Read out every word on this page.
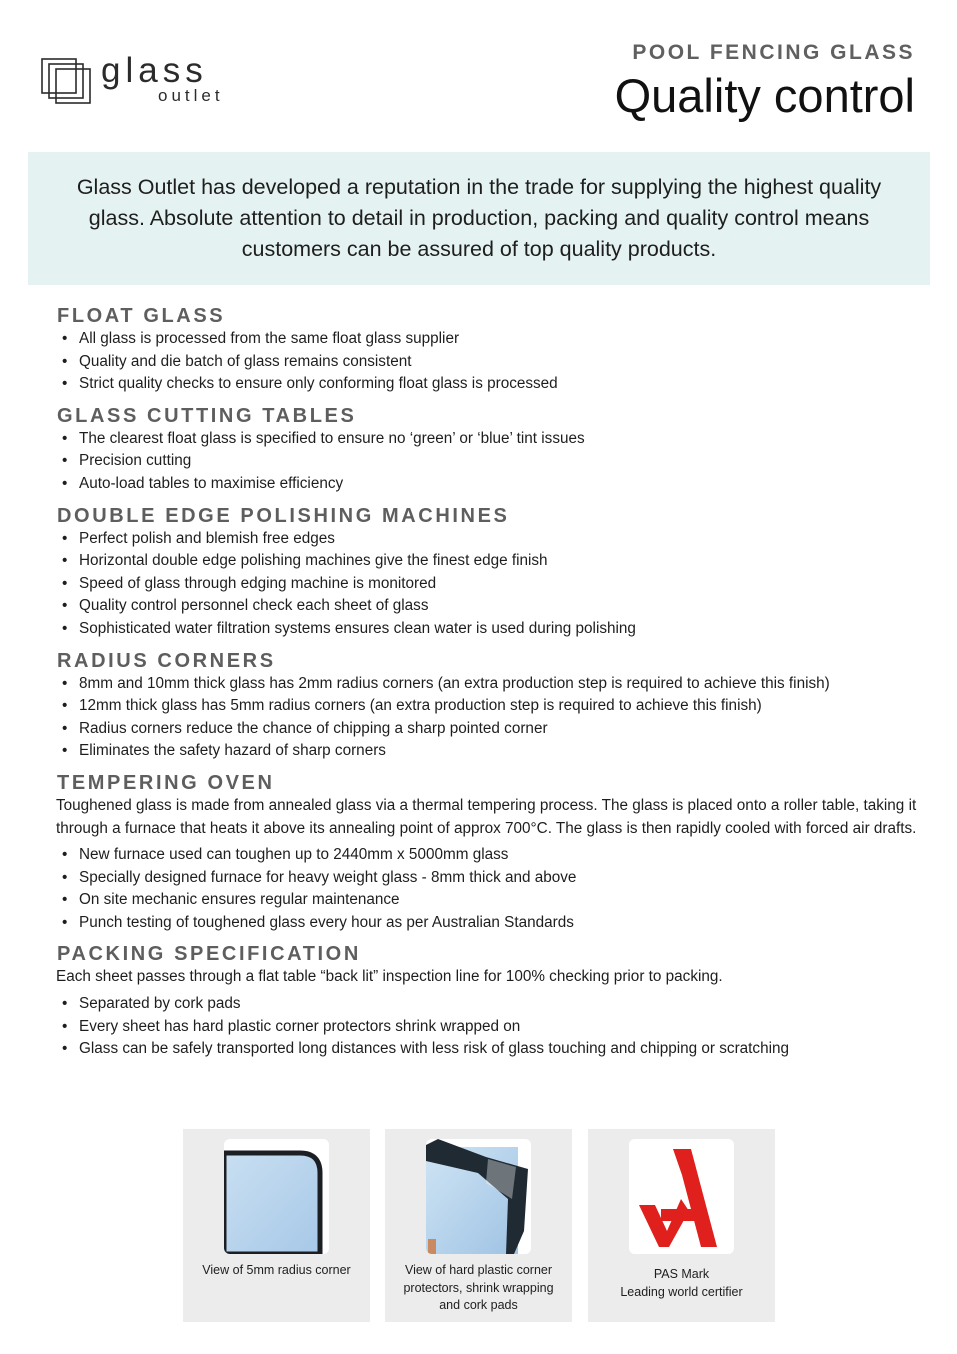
glass
outlet
POOL FENCING GLASS
Quality control

Glass Outlet has developed a reputation in the trade for supplying the highest quality glass. Absolute attention to detail in production, packing and quality control means customers can be assured of top quality products.

FLOAT GLASS
• All glass is processed from the same float glass supplier
• Quality and die batch of glass remains consistent
• Strict quality checks to ensure only conforming float glass is processed
GLASS CUTTING TABLES
• The clearest float glass is specified to ensure no ‘green’ or ‘blue’ tint issues
• Precision cutting
• Auto-load tables to maximise efficiency
DOUBLE EDGE POLISHING MACHINES
• Perfect polish and blemish free edges
• Horizontal double edge polishing machines give the finest edge finish
• Speed of glass through edging machine is monitored
• Quality control personnel check each sheet of glass
• Sophisticated water filtration systems ensures clean water is used during polishing
RADIUS CORNERS
• 8mm and 10mm thick glass has 2mm radius corners (an extra production step is required to achieve this finish)
• 12mm thick glass has 5mm radius corners (an extra production step is required to achieve this finish)
• Radius corners reduce the chance of chipping a sharp pointed corner
• Eliminates the safety hazard of sharp corners
TEMPERING OVEN

Toughened glass is made from annealed glass via a thermal tempering process. The glass is placed onto a roller table, taking it through a furnace that heats it above its annealing point of approx 700°C. The glass is then rapidly cooled with forced air drafts.

• New furnace used can toughen up to 2440mm x 5000mm glass
• Specially designed furnace for heavy weight glass - 8mm thick and above
• On site mechanic ensures regular maintenance
• Punch testing of toughened glass every hour as per Australian Standards
PACKING SPECIFICATION

Each sheet passes through a flat table “back lit” inspection line for 100% checking prior to packing.

• Separated by cork pads
• Every sheet has hard plastic corner protectors shrink wrapped on
• Glass can be safely transported long distances with less risk of glass touching and chipping or scratching
View of 5mm radius corner	View of hard plastic corner
protectors, shrink wrapping
and cork pads
PAS Mark
Leading world certifier
